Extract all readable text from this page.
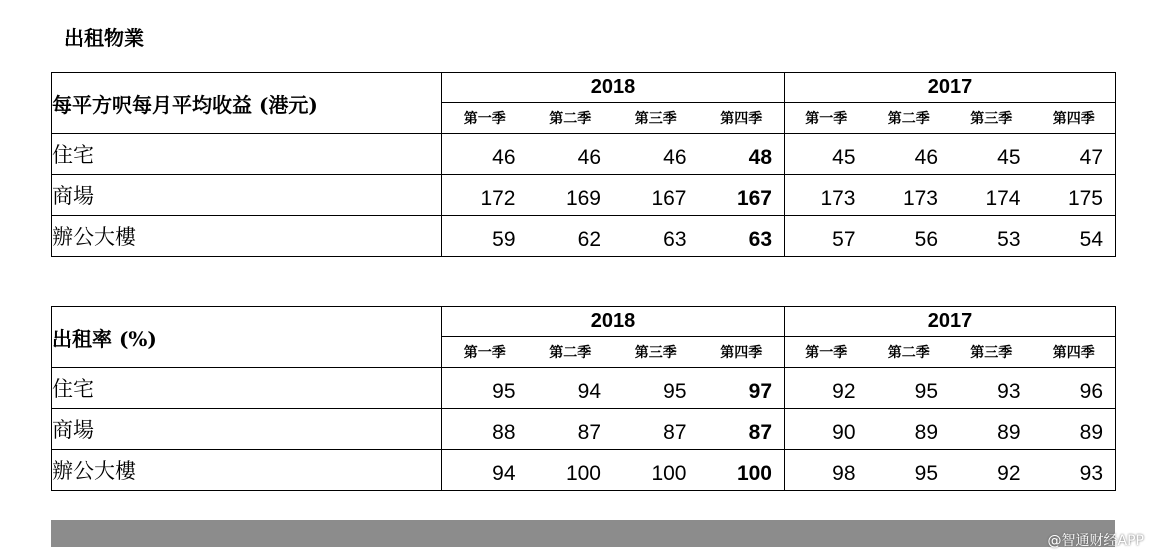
出租物業
每平方呎每月平均收益 (港元)	2018	2017

	第一季 第二季 第三季 第四季	第一季 第二季 第三季 第四季

住宅	46 46 46 48	45 46 45 47

商場	172 169 167 167	173 173 174 175

辦公大樓	59 62 63 63	57 56 53 54
出租率 (%)	2018	2017

	第一季 第二季 第三季 第四季	第一季 第二季 第三季 第四季

住宅	95 94 95 97	92 95 93 96

商場	88 87 87 87	90 89 89 89

辦公大樓	94 100 100 100	98 95 92 93
@智通财经APP
